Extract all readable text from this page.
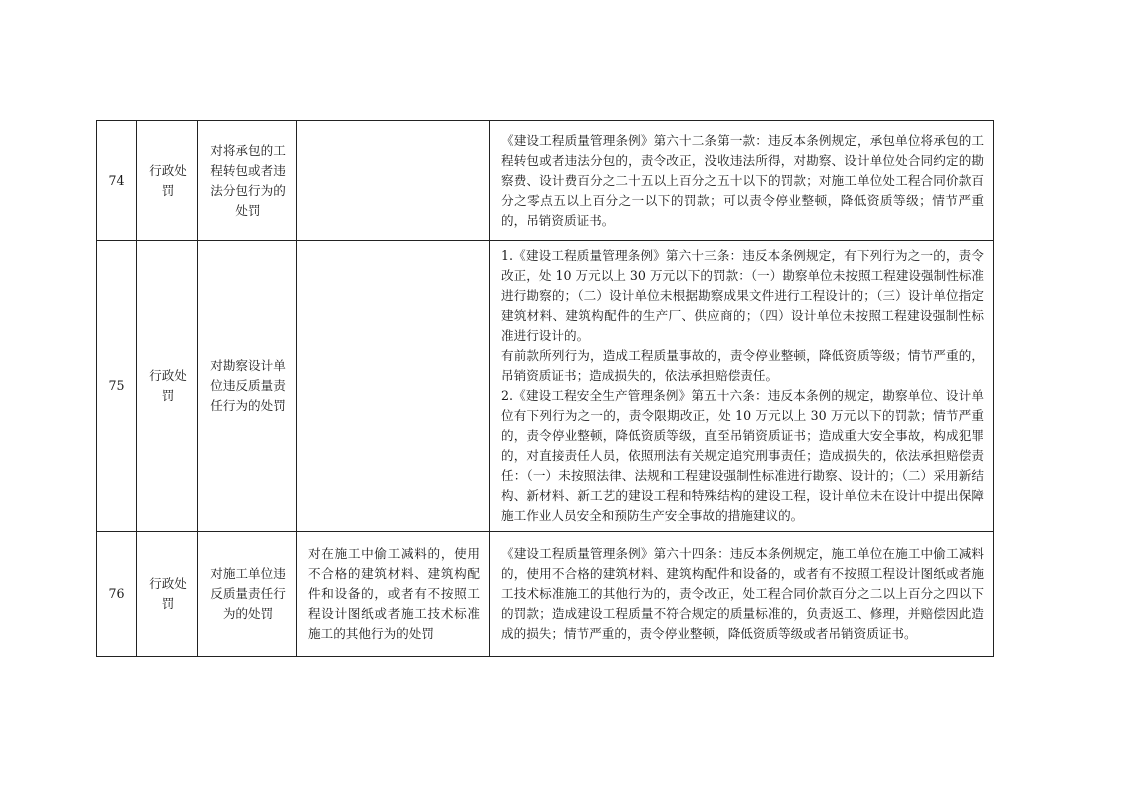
74	行政处罚	对将承包的工程转包或者违法分包行为的处罚		《建设工程质量管理条例》第六十二条第一款：违反本条例规定，承包单位将承包的工程转包或者违法分包的，责令改正，没收违法所得，对勘察、设计单位处合同约定的勘察费、设计费百分之二十五以上百分之五十以下的罚款；对施工单位处工程合同价款百分之零点五以上百分之一以下的罚款；可以责令停业整顿，降低资质等级；情节严重的，吊销资质证书。

75	行政处罚	对勘察设计单位违反质量责任行为的处罚		1.《建设工程质量管理条例》第六十三条：违反本条例规定，有下列行为之一的，责令改正，处 10 万元以上 30 万元以下的罚款：（一）勘察单位未按照工程建设强制性标准进行勘察的；（二）设计单位未根据勘察成果文件进行工程设计的；（三）设计单位指定建筑材料、建筑构配件的生产厂、供应商的；（四）设计单位未按照工程建设强制性标准进行设计的。
有前款所列行为，造成工程质量事故的，责令停业整顿，降低资质等级；情节严重的，吊销资质证书；造成损失的，依法承担赔偿责任。
2.《建设工程安全生产管理条例》第五十六条：违反本条例的规定，勘察单位、设计单位有下列行为之一的，责令限期改正，处 10 万元以上 30 万元以下的罚款；情节严重的，责令停业整顿，降低资质等级，直至吊销资质证书；造成重大安全事故，构成犯罪的，对直接责任人员，依照刑法有关规定追究刑事责任；造成损失的，依法承担赔偿责任：（一）未按照法律、法规和工程建设强制性标准进行勘察、设计的；（二）采用新结构、新材料、新工艺的建设工程和特殊结构的建设工程，设计单位未在设计中提出保障施工作业人员安全和预防生产安全事故的措施建议的。

76	行政处罚	对施工单位违反质量责任行为的处罚	对在施工中偷工减料的，使用不合格的建筑材料、建筑构配件和设备的，或者有不按照工程设计图纸或者施工技术标准施工的其他行为的处罚	《建设工程质量管理条例》第六十四条：违反本条例规定，施工单位在施工中偷工减料的，使用不合格的建筑材料、建筑构配件和设备的，或者有不按照工程设计图纸或者施工技术标准施工的其他行为的，责令改正，处工程合同价款百分之二以上百分之四以下的罚款；造成建设工程质量不符合规定的质量标准的，负责返工、修理，并赔偿因此造成的损失；情节严重的，责令停业整顿，降低资质等级或者吊销资质证书。
